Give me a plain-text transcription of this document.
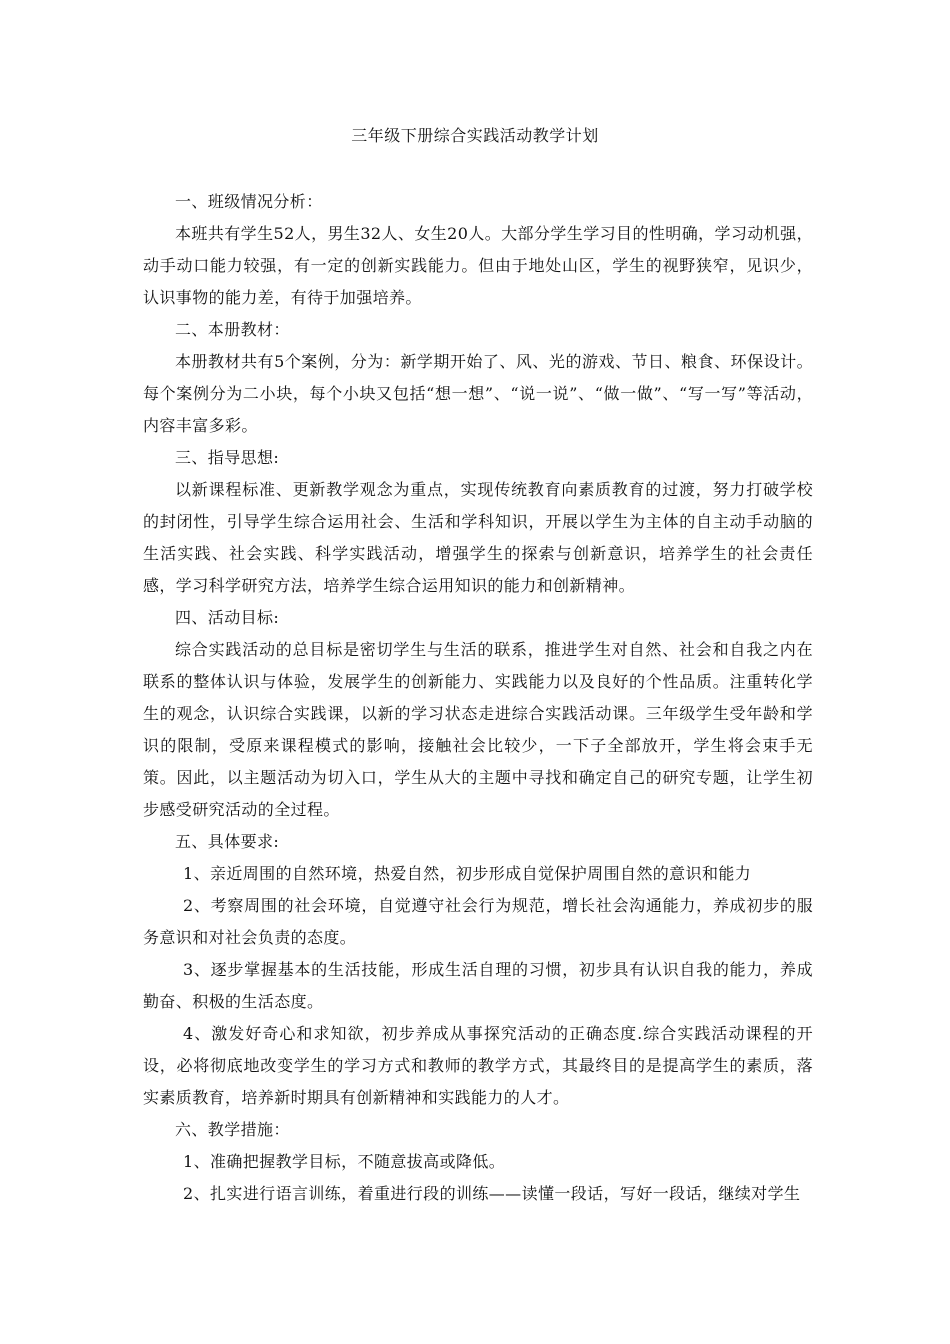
三年级下册综合实践活动教学计划

一、班级情况分析：

本班共有学生52人，男生32人、女生20人。大部分学生学习目的性明确，学习动机强，动手动口能力较强，有一定的创新实践能力。但由于地处山区，学生的视野狭窄，见识少，认识事物的能力差，有待于加强培养。

二、本册教材：

本册教材共有5个案例，分为：新学期开始了、风、光的游戏、节日、粮食、环保设计。每个案例分为二小块，每个小块又包括“想一想”、“说一说”、“做一做”、“写一写”等活动，内容丰富多彩。

三、指导思想:

以新课程标准、更新教学观念为重点，实现传统教育向素质教育的过渡，努力打破学校的封闭性，引导学生综合运用社会、生活和学科知识，开展以学生为主体的自主动手动脑的生活实践、社会实践、科学实践活动，增强学生的探索与创新意识，培养学生的社会责任感，学习科学研究方法，培养学生综合运用知识的能力和创新精神。

四、活动目标:

综合实践活动的总目标是密切学生与生活的联系，推进学生对自然、社会和自我之内在联系的整体认识与体验，发展学生的创新能力、实践能力以及良好的个性品质。注重转化学生的观念，认识综合实践课，以新的学习状态走进综合实践活动课。三年级学生受年龄和学识的限制，受原来课程模式的影响，接触社会比较少，一下子全部放开，学生将会束手无策。因此，以主题活动为切入口，学生从大的主题中寻找和确定自己的研究专题，让学生初步感受研究活动的全过程。

五、具体要求:

1、亲近周围的自然环境，热爱自然，初步形成自觉保护周围自然的意识和能力

2、考察周围的社会环境，自觉遵守社会行为规范，增长社会沟通能力，养成初步的服务意识和对社会负责的态度。

3、逐步掌握基本的生活技能，形成生活自理的习惯，初步具有认识自我的能力，养成勤奋、积极的生活态度。

4、激发好奇心和求知欲，初步养成从事探究活动的正确态度.综合实践活动课程的开设，必将彻底地改变学生的学习方式和教师的教学方式，其最终目的是提高学生的素质，落实素质教育，培养新时期具有创新精神和实践能力的人才。

六、教学措施：

1、准确把握教学目标，不随意拔高或降低。

2、扎实进行语言训练，着重进行段的训练——读懂一段话，写好一段话，继续对学生
